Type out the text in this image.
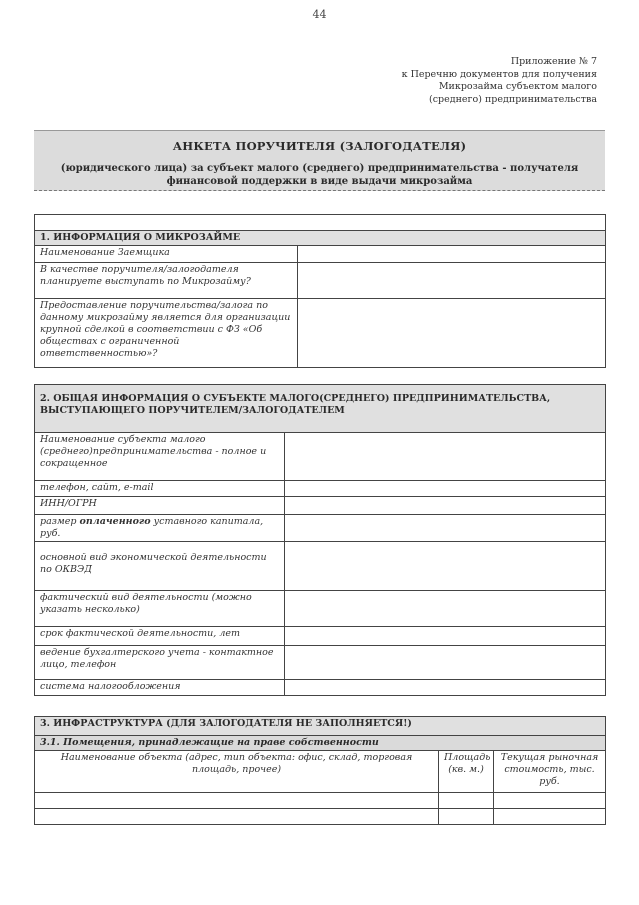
44
Приложение № 7
к Перечню документов для получения
Микрозайма субъектом малого
(среднего) предпринимательства
АНКЕТА ПОРУЧИТЕЛЯ (ЗАЛОГОДАТЕЛЯ)
(юридического лица) за субъект малого (среднего) предпринимательства - получателя финансовой поддержки в виде выдачи микрозайма

1. ИНФОРМАЦИЯ О МИКРОЗАЙМЕ	
Наименование Заемщика	
В качестве поручителя/залогодателя планируете выступать по Микрозайму?	
Предоставление поручительства/залога по данному микрозайму является для организации крупной сделкой в соответствии с ФЗ «Об обществах с ограниченной ответственностью»?	
2. ОБЩАЯ ИНФОРМАЦИЯ О СУБЪЕКТЕ МАЛОГО(СРЕДНЕГО) ПРЕДПРИНИМАТЕЛЬСТВА, ВЫСТУПАЮЩЕГО ПОРУЧИТЕЛЕМ/ЗАЛОГОДАТЕЛЕМ	
Наименование субъекта малого (среднего)предпринимательства - полное и сокращенное	
телефон, сайт, e-mail	
ИНН/ОГРН	
размер оплаченного уставного капитала, руб.	
основной вид экономической деятельности по ОКВЭД	
фактический вид деятельности (можно указать несколько)	
срок фактической деятельности, лет	
ведение бухгалтерского учета - контактное лицо, телефон	
система налогообложения	
3. ИНФРАСТРУКТУРА (ДЛЯ ЗАЛОГОДАТЕЛЯ НЕ ЗАПОЛНЯЕТСЯ!)		
3.1. Помещения, принадлежащие на праве собственности		
Наименование объекта (адрес, тип объекта: офис, склад, торговая площадь, прочее)	Площадь (кв. м.)	Текущая рыночная стоимость, тыс. руб.
